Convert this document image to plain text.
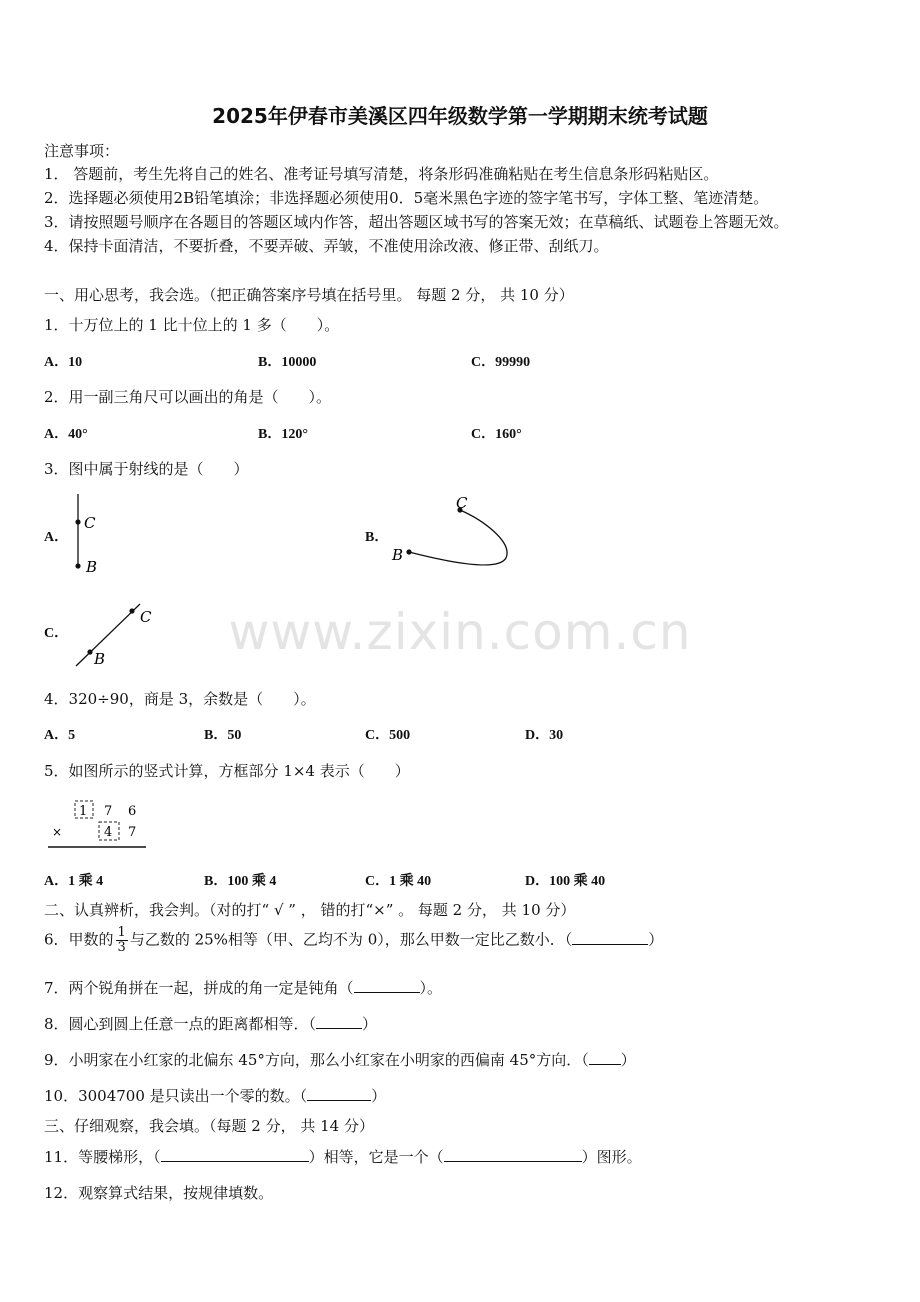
2025年伊春市美溪区四年级数学第一学期期末统考试题
注意事项：
1． 答题前，考生先将自己的姓名、准考证号填写清楚，将条形码准确粘贴在考生信息条形码粘贴区。
2．选择题必须使用2B铅笔填涂；非选择题必须使用0．5毫米黑色字迹的签字笔书写，字体工整、笔迹清楚。
3．请按照题号顺序在各题目的答题区域内作答，超出答题区域书写的答案无效；在草稿纸、试题卷上答题无效。
4．保持卡面清洁，不要折叠，不要弄破、弄皱，不准使用涂改液、修正带、刮纸刀。
一、用心思考，我会选。（把正确答案序号填在括号里。 每题 2 分， 共 10 分）
1．十万位上的 1 比十位上的 1 多（　　）。
A．10	B．10000	C．99990
2．用一副三角尺可以画出的角是（　　）。
A．40°	B．120°	C．160°
3．图中属于射线的是（　　）
A．	B．
C．
C
B
B
C
C
B	www.zixin.com.cn
4．320÷90，商是 3，余数是（　　）。
A．5	B．50	C．500	D．30
5．如图所示的竖式计算，方框部分 1×4 表示（　　）
1 7 6
×	4 7
A．1 乘 4	B．100 乘 4	C．1 乘 40	D．100 乘 40
二、认真辨析，我会判。（对的打“ √ ” ， 错的打“×” 。 每题 2 分， 共 10 分）
6．甲数的 $\frac{1}{3}$ 与乙数的 25%相等（甲、乙均不为 0），那么甲数一定比乙数小．（	）
7．两个锐角拼在一起，拼成的角一定是钝角（	）。
8．圆心到圆上任意一点的距离都相等．（	）
9．小明家在小红家的北偏东 45°方向，那么小红家在小明家的西偏南 45°方向．（ ）
10．3004700 是只读出一个零的数。（	）
三、仔细观察，我会填。（每题 2 分， 共 14 分）
11．等腰梯形，（	）相等，它是一个（	）图形。
12．观察算式结果，按规律填数。
